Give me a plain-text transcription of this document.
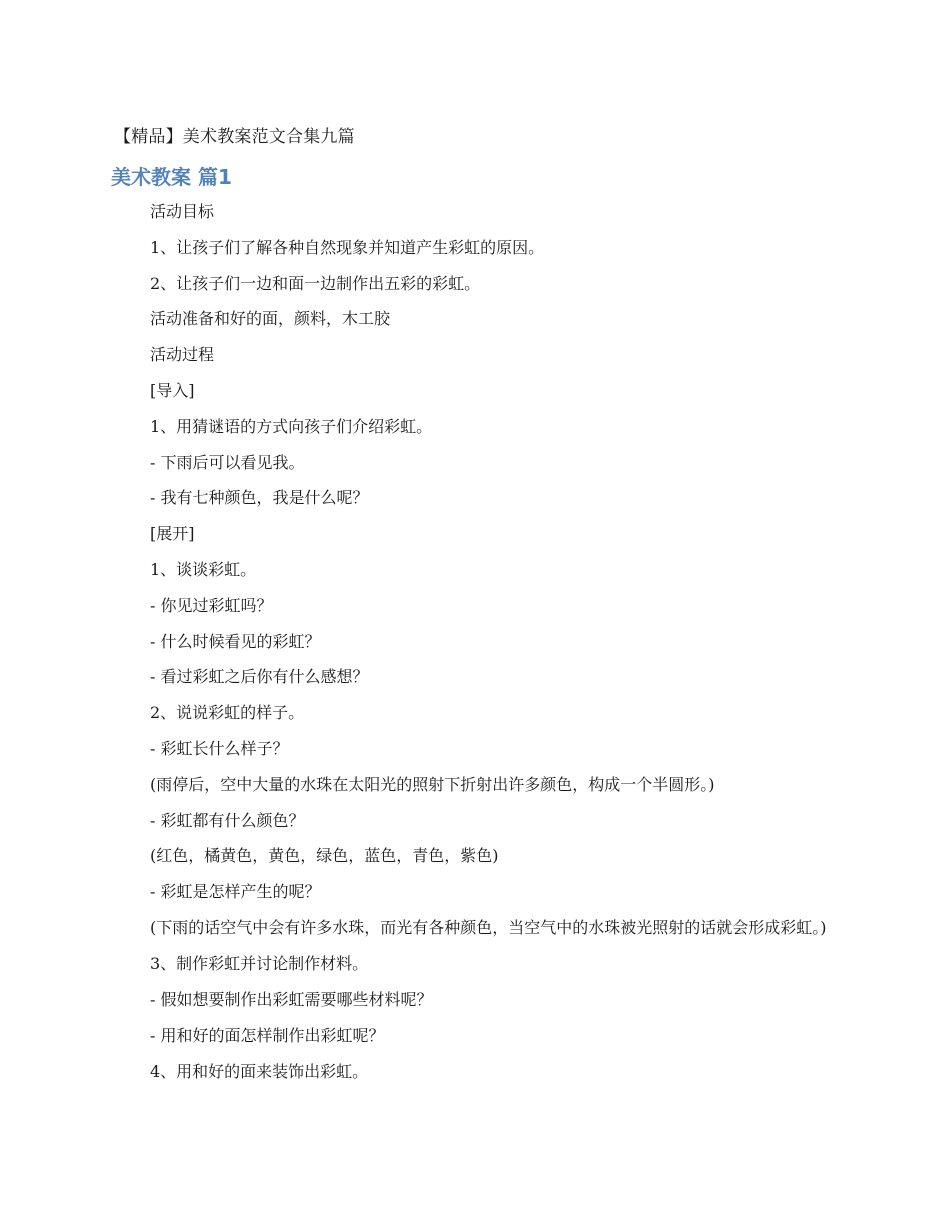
【精品】美术教案范文合集九篇
美术教案 篇1

活动目标

1、让孩子们了解各种自然现象并知道产生彩虹的原因。

2、让孩子们一边和面一边制作出五彩的彩虹。

活动准备和好的面，颜料，木工胶

活动过程

[导入]

1、用猜谜语的方式向孩子们介绍彩虹。

- 下雨后可以看见我。

- 我有七种颜色，我是什么呢？

[展开]

1、谈谈彩虹。

- 你见过彩虹吗？

- 什么时候看见的彩虹？

- 看过彩虹之后你有什么感想？

2、说说彩虹的样子。

- 彩虹长什么样子？

(雨停后，空中大量的水珠在太阳光的照射下折射出许多颜色，构成一个半圆形。)

- 彩虹都有什么颜色？

(红色，橘黄色，黄色，绿色，蓝色，青色，紫色)

- 彩虹是怎样产生的呢？

(下雨的话空气中会有许多水珠，而光有各种颜色，当空气中的水珠被光照射的话就会形成彩虹。)

3、制作彩虹并讨论制作材料。

- 假如想要制作出彩虹需要哪些材料呢？

- 用和好的面怎样制作出彩虹呢？

4、用和好的面来装饰出彩虹。
